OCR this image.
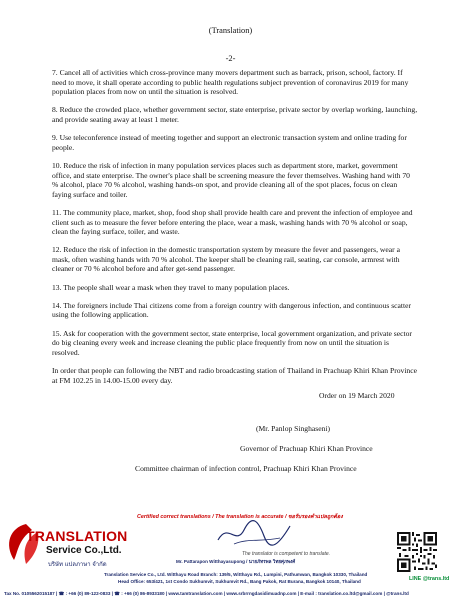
(Translation)
-2-

7. Cancel all of activities which cross-province many movers department such as barrack, prison, school, factory. If need to move, it shall operate according to public health regulations subject prevention of coronavirus 2019 for many population places from now on until the situation is resolved.

8. Reduce the crowded place, whether government sector, state enterprise, private sector by overlap working, launching, and provide seating away at least 1 meter.

9. Use teleconference instead of meeting together and support an electronic transaction system and online trading for people.

10. Reduce the risk of infection in many population services places such as department store, market, government office, and state enterprise. The owner's place shall be screening measure the fever themselves. Washing hand with 70 % alcohol, place 70 % alcohol, washing hands-on spot, and provide cleaning all of the spot places, focus on clean faying surface and toiler.

11. The community place, market, shop, food shop shall provide health care and prevent the infection of employee and client such as to measure the fever before entering the place, wear a mask, washing hands with 70 % alcohol or soap, clean the faying surface, toiler, and waste.

12. Reduce the risk of infection in the domestic transportation system by measure the fever and passengers, wear a mask, often washing hands with 70 % alcohol. The keeper shall be cleaning rail, seating, car console, armrest with cleaner or 70 % alcohol before and after get-send passenger.

13. The people shall wear a mask when they travel to many population places.

14. The foreigners include Thai citizens come from a foreign country with dangerous infection, and continuous scatter using the following application.

15. Ask for cooperation with the government sector, state enterprise, local government organization, and private sector do big cleaning every week and increase cleaning the public place frequently from now on until the situation is resolved.

In order that people can following the NBT and radio broadcasting station of Thailand in Prachuap Khiri Khan Province at FM 102.25 in 14.00-15.00 every day.

Order on 19 March 2020
(Mr. Panlop Singhaseni)
Governor of Prachuap Khiri Khan Province
Committee chairman of infection control, Prachuap Khiri Khan Province
Certified correct translations / The translation is accurate / ขอรับรองคำแปลถูกต้อง
The translator is competent to translate.
Mr. Pattarapon Witthayasupong / นายภัทรพล วิทยศุภพงศ์
Translation Service Co., Ltd. Witthayu Road Branch: 139/5, Witthayu Rd., Lumpini, Pathumwan, Bangkok 10330, Thailand
Head Office: 653/421, 1st Condo Sukhumvit, Sukhumvit Rd., Bang Pakok, Rat Burana, Bangkok 10140, Thailand
Tax No. 0105562015187 | ☎ : +66 (0) 89-122-0833 | ☎ : +66 (0) 86-8933180 | www.tamtranslation.com | www.srbrrngdasidimuadnp.com | E-mail : translation.co.ltd@gmail.com | @trans.ltd
TRANSLATION
Service Co.,Ltd.
บริษัท แปลภาษา จำกัด
LINE @trans.ltd
